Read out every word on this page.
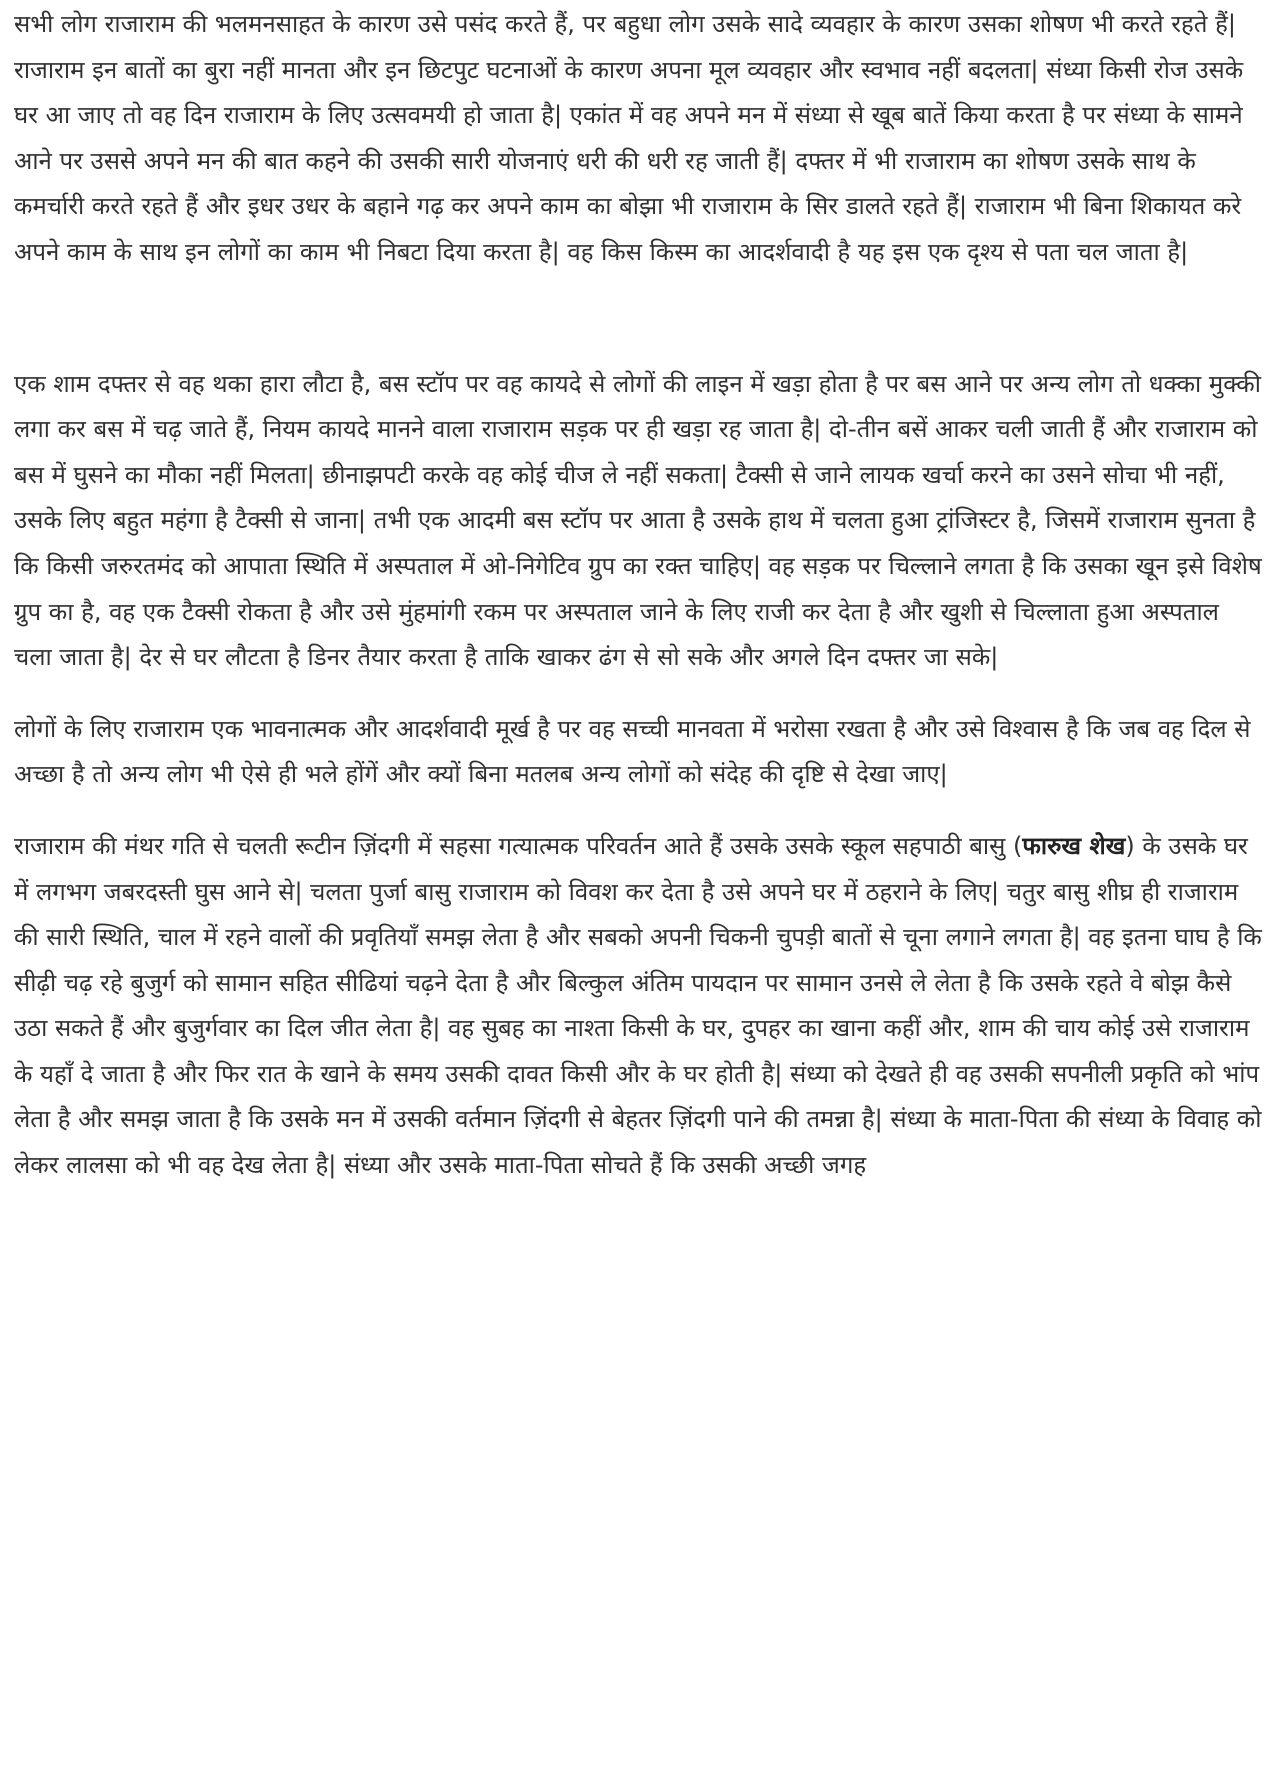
सभी लोग राजाराम की भलमनसाहत के कारण उसे पसंद करते हैं, पर बहुधा लोग उसके सादे व्यवहार के कारण उसका शोषण भी करते रहते हैं| राजाराम इन बातों का बुरा नहीं मानता और इन छिटपुट घटनाओं के कारण अपना मूल व्यवहार और स्वभाव नहीं बदलता| संध्या किसी रोज उसके घर आ जाए तो वह दिन राजाराम के लिए उत्सवमयी हो जाता है| एकांत में वह अपने मन में संध्या से खूब बातें किया करता है पर संध्या के सामने आने पर उससे अपने मन की बात कहने की उसकी सारी योजनाएं धरी की धरी रह जाती हैं| दफ्तर में भी राजाराम का शोषण उसके साथ के कमर्चारी करते रहते हैं और इधर उधर के बहाने गढ़ कर अपने काम का बोझा भी राजाराम के सिर डालते रहते हैं| राजाराम भी बिना शिकायत करे अपने काम के साथ इन लोगों का काम भी निबटा दिया करता है| वह किस किस्म का आदर्शवादी है यह इस एक दृश्य से पता चल जाता है|

एक शाम दफ्तर से वह थका हारा लौटा है, बस स्टॉप पर वह कायदे से लोगों की लाइन में खड़ा होता है पर बस आने पर अन्य लोग तो धक्का मुक्की लगा कर बस में चढ़ जाते हैं, नियम कायदे मानने वाला राजाराम सड़क पर ही खड़ा रह जाता है| दो-तीन बसें आकर चली जाती हैं और राजाराम को बस में घुसने का मौका नहीं मिलता| छीनाझपटी करके वह कोई चीज ले नहीं सकता| टैक्सी से जाने लायक खर्चा करने का उसने सोचा भी नहीं, उसके लिए बहुत महंगा है टैक्सी से जाना| तभी एक आदमी बस स्टॉप पर आता है उसके हाथ में चलता हुआ ट्रांजिस्टर है, जिसमें राजाराम सुनता है कि किसी जरुरतमंद को आपाता स्थिति में अस्पताल में ओ-निगेटिव ग्रुप का रक्त चाहिए| वह सड़क पर चिल्लाने लगता है कि उसका खून इसे विशेष ग्रुप का है, वह एक टैक्सी रोकता है और उसे मुंहमांगी रकम पर अस्पताल जाने के लिए राजी कर देता है और खुशी से चिल्लाता हुआ अस्पताल चला जाता है| देर से घर लौटता है डिनर तैयार करता है ताकि खाकर ढंग से सो सके और अगले दिन दफ्तर जा सके|

लोगों के लिए राजाराम एक भावनात्मक और आदर्शवादी मूर्ख है पर वह सच्ची मानवता में भरोसा रखता है और उसे विश्वास है कि जब वह दिल से अच्छा है तो अन्य लोग भी ऐसे ही भले होंगें और क्यों बिना मतलब अन्य लोगों को संदेह की दृष्टि से देखा जाए|

राजाराम की मंथर गति से चलती रूटीन ज़िंदगी में सहसा गत्यात्मक परिवर्तन आते हैं उसके उसके स्कूल सहपाठी बासु (फारुख शेख) के उसके घर में लगभग जबरदस्ती घुस आने से| चलता पुर्जा बासु राजाराम को विवश कर देता है उसे अपने घर में ठहराने के लिए| चतुर बासु शीघ्र ही राजाराम की सारी स्थिति, चाल में रहने वालों की प्रवृतियाँ समझ लेता है और सबको अपनी चिकनी चुपड़ी बातों से चूना लगाने लगता है| वह इतना घाघ है कि सीढ़ी चढ़ रहे बुजुर्ग को सामान सहित सीढियां चढ़ने देता है और बिल्कुल अंतिम पायदान पर सामान उनसे ले लेता है कि उसके रहते वे बोझ कैसे उठा सकते हैं और बुजुर्गवार का दिल जीत लेता है| वह सुबह का नाश्ता किसी के घर, दुपहर का खाना कहीं और, शाम की चाय कोई उसे राजाराम के यहाँ दे जाता है और फिर रात के खाने के समय उसकी दावत किसी और के घर होती है| संध्या को देखते ही वह उसकी सपनीली प्रकृति को भांप लेता है और समझ जाता है कि उसके मन में उसकी वर्तमान ज़िंदगी से बेहतर ज़िंदगी पाने की तमन्ना है| संध्या के माता-पिता की संध्या के विवाह को लेकर लालसा को भी वह देख लेता है| संध्या और उसके माता-पिता सोचते हैं कि उसकी अच्छी जगह
